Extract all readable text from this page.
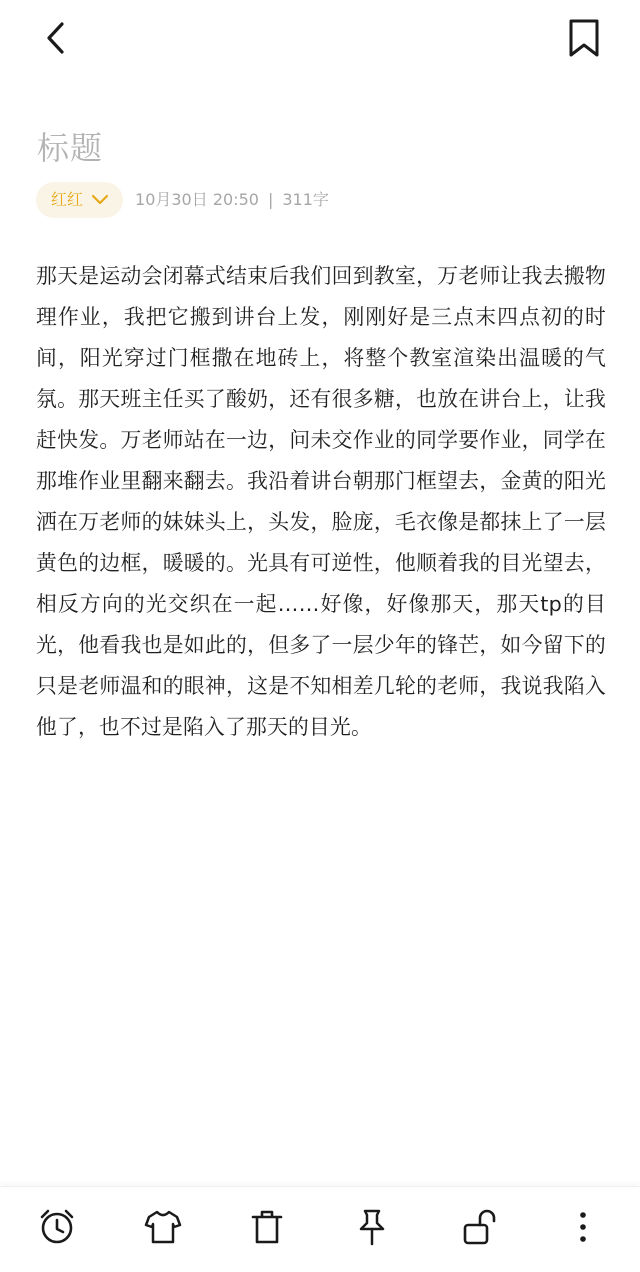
标题
红红	10月30日 20:50 | 311字
那天是运动会闭幕式结束后我们回到教室，万老师让我去搬物理作业，我把它搬到讲台上发，刚刚好是三点末四点初的时间，阳光穿过门框撒在地砖上，将整个教室渲染出温暖的气氛。那天班主任买了酸奶，还有很多糖，也放在讲台上，让我赶快发。万老师站在一边，问未交作业的同学要作业，同学在那堆作业里翻来翻去。我沿着讲台朝那门框望去，金黄的阳光洒在万老师的妹妹头上，头发，脸庞，毛衣像是都抹上了一层黄色的边框，暖暖的。光具有可逆性，他顺着我的目光望去，相反方向的光交织在一起……好像，好像那天，那天tp的目光，他看我也是如此的，但多了一层少年的锋芒，如今留下的只是老师温和的眼神，这是不知相差几轮的老师，我说我陷入他了，也不过是陷入了那天的目光。
